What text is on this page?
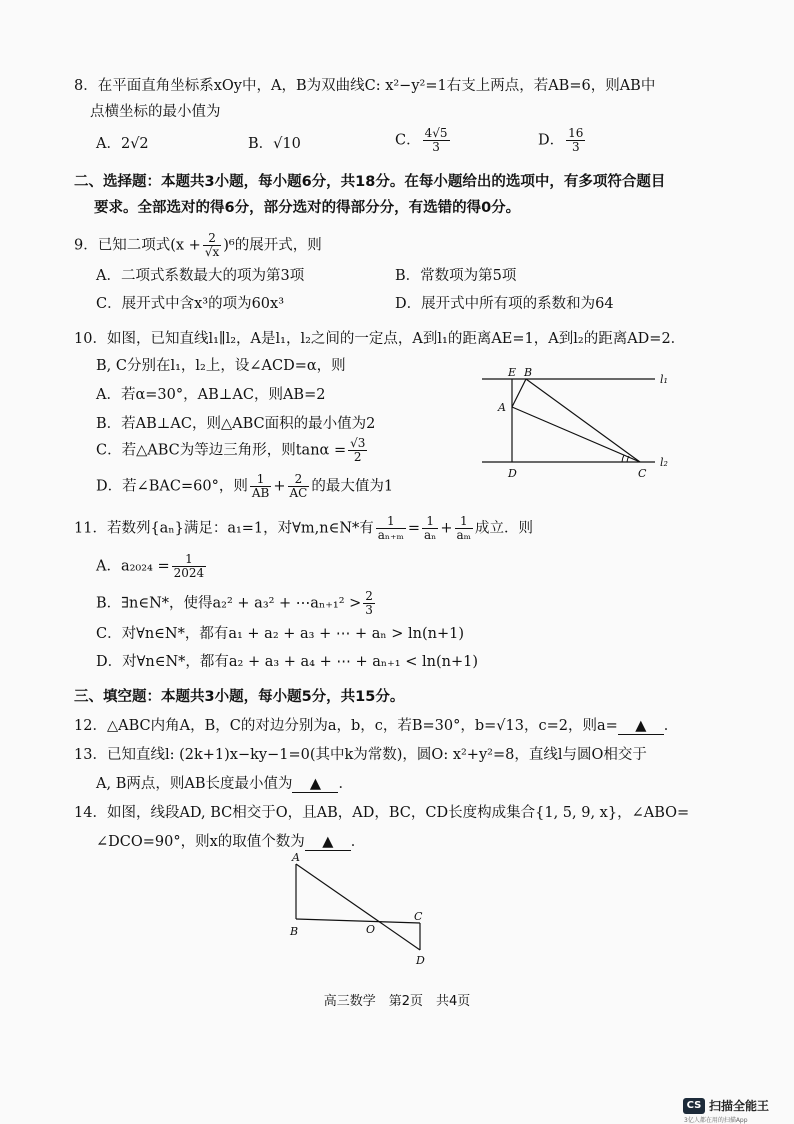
8．在平面直角坐标系xOy中，A，B为双曲线C: x²−y²=1右支上两点，若AB=6，则AB中
点横坐标的最小值为
A．2√2	B．√10	C． $\frac{4√5}{3}$	D． $\frac{16}{3}$
二、选择题：本题共3小题，每小题6分，共18分。在每小题给出的选项中，有多项符合题目
要求。全部选对的得6分，部分选对的得部分分，有选错的得0分。
9．已知二项式$(x + \frac{2}{√x} )^6$的展开式，则
A．二项式系数最大的项为第3项	B．常数项为第5项
C．展开式中含x³的项为60x³	D．展开式中所有项的系数和为64
10．如图，已知直线l₁∥l₂，A是l₁，l₂之间的一定点，A到l₁的距离AE=1，A到l₂的距离AD=2．
B, C分别在l₁，l₂上，设∠ACD=α，则
A．若α=30°，AB⊥AC，则AB=2
B．若AB⊥AC，则△ABC面积的最小值为2
C．若△ABC为等边三角形，则$\tan\alpha = \frac{√3}{2}$
D．若∠BAC=60°，则 $\frac{1}{AB} + \frac{2}{AC}$ 的最大值为1
E B
A
D	C
l₁
l₂
11．若数列{aₙ}满足：a₁=1，对∀m,n∈N*有 $\frac{1}{\text{aₙ₊ₘ}} = \frac{1}{\text{aₙ}} + \frac{1}{\text{aₘ}}$ 成立．则
A．$a_{2024} = \frac{1}{2024}$
B．∃n∈N*，使得a₂² + a₃² + ⋯aₙ₊₁² > $\frac{2}{3}$
C．对∀n∈N*，都有a₁ + a₂ + a₃ + ⋯ + aₙ > ln(n+1)
D．对∀n∈N*，都有a₂ + a₃ + a₄ + ⋯ + aₙ₊₁ < ln(n+1)
三、填空题：本题共3小题，每小题5分，共15分。
12．△ABC内角A，B，C的对边分别为a，b，c，若B=30°，b=√13，c=2，则a= ▲ ．
13．已知直线l: (2k+1)x−ky−1=0(其中k为常数)，圆O: x²+y²=8，直线l与圆O相交于
A, B两点，则AB长度最小值为 ▲ ．
14．如图，线段AD, BC相交于O，且AB，AD，BC，CD长度构成集合{1, 5, 9, x}，∠ABO=
∠DCO=90°，则x的取值个数为 ▲ ．
A
B	O
C
D
高三数学　第2页　共4页
CS 扫描全能王
3亿人都在用的扫描App
